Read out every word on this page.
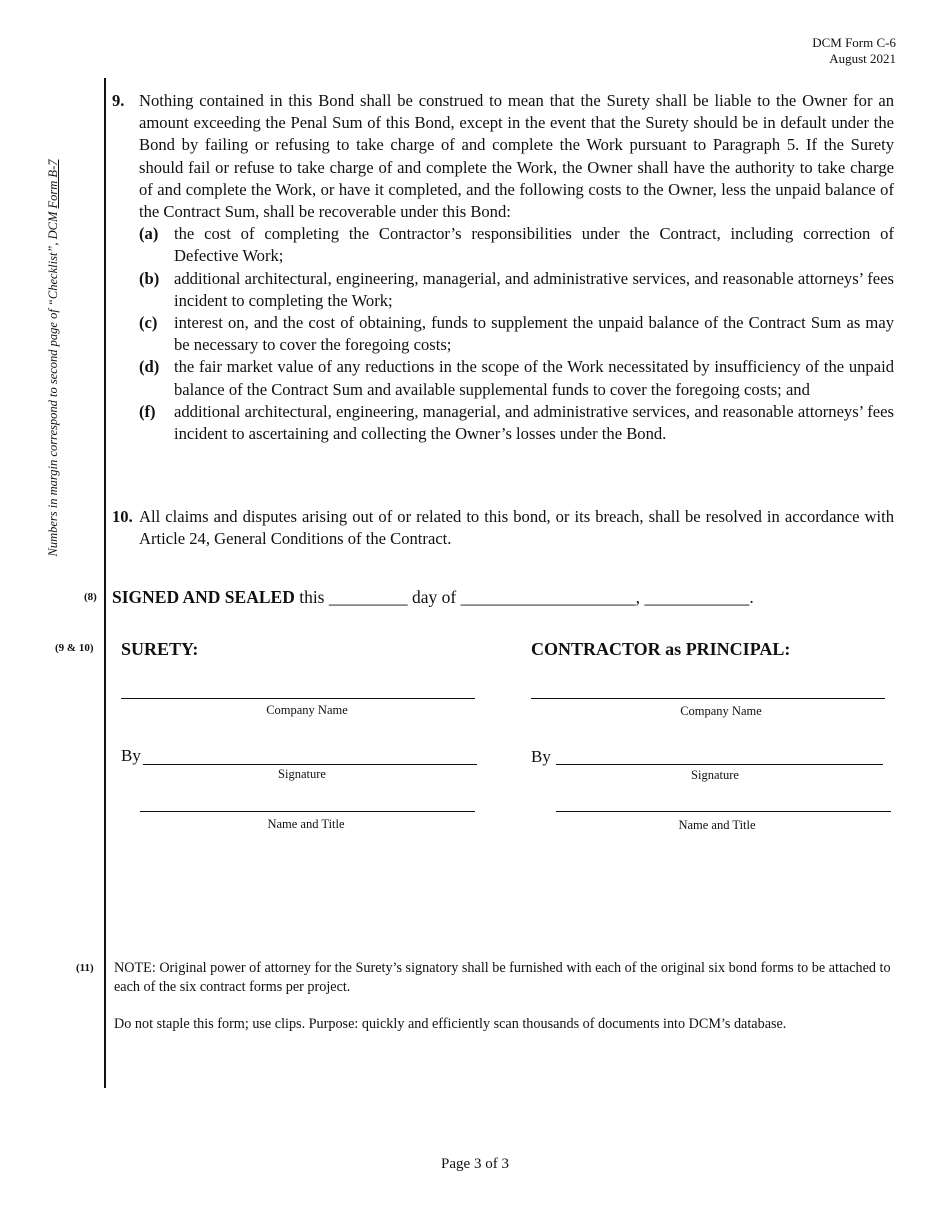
DCM Form C-6
August 2021
Numbers in margin correspond to second page of “Checklist”, DCM Form B-7
9. Nothing contained in this Bond shall be construed to mean that the Surety shall be liable to the Owner for an amount exceeding the Penal Sum of this Bond, except in the event that the Surety should be in default under the Bond by failing or refusing to take charge of and complete the Work pursuant to Paragraph 5. If the Surety should fail or refuse to take charge of and complete the Work, the Owner shall have the authority to take charge of and complete the Work, or have it completed, and the following costs to the Owner, less the unpaid balance of the Contract Sum, shall be recoverable under this Bond:
(a) the cost of completing the Contractor’s responsibilities under the Contract, including correction of Defective Work;
(b) additional architectural, engineering, managerial, and administrative services, and reasonable attorneys’ fees incident to completing the Work;
(c) interest on, and the cost of obtaining, funds to supplement the unpaid balance of the Contract Sum as may be necessary to cover the foregoing costs;
(d) the fair market value of any reductions in the scope of the Work necessitated by insufficiency of the unpaid balance of the Contract Sum and available supplemental funds to cover the foregoing costs; and
(f)	additional architectural, engineering, managerial, and administrative services, and reasonable attorneys’ fees incident to ascertaining and collecting the Owner’s losses under the Bond.
10. All claims and disputes arising out of or related to this bond, or its breach, shall be resolved in accordance with Article 24, General Conditions of the Contract.
(8) SIGNED AND SEALED this _________ day of ____________________, ____________.
(9 & 10) SURETY:	CONTRACTOR as PRINCIPAL:
Company Name
By
Signature
Name and Title
Company Name
By
Signature
Name and Title
(11) NOTE: Original power of attorney for the Surety’s signatory shall be furnished with each of the original six bond forms to be attached to each of the six contract forms per project.
Do not staple this form; use clips. Purpose: quickly and efficiently scan thousands of documents into DCM’s database.
Page 3 of 3
